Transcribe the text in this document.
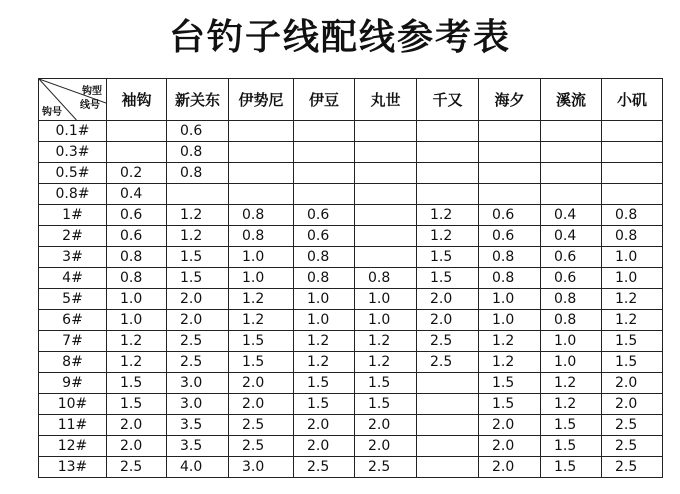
台钓子线配线参考表
钩型
线号
钩号	袖钩	新关东	伊势尼	伊豆	丸世	千又	海夕	溪流	小矶
0.1#		0.6							
0.3#		0.8							
0.5#	0.2	0.8							
0.8#	0.4								
1#	0.6	1.2	0.8	0.6		1.2	0.6	0.4	0.8
2#	0.6	1.2	0.8	0.6		1.2	0.6	0.4	0.8
3#	0.8	1.5	1.0	0.8		1.5	0.8	0.6	1.0
4#	0.8	1.5	1.0	0.8	0.8	1.5	0.8	0.6	1.0
5#	1.0	2.0	1.2	1.0	1.0	2.0	1.0	0.8	1.2
6#	1.0	2.0	1.2	1.0	1.0	2.0	1.0	0.8	1.2
7#	1.2	2.5	1.5	1.2	1.2	2.5	1.2	1.0	1.5
8#	1.2	2.5	1.5	1.2	1.2	2.5	1.2	1.0	1.5
9#	1.5	3.0	2.0	1.5	1.5		1.5	1.2	2.0
10#	1.5	3.0	2.0	1.5	1.5		1.5	1.2	2.0
11#	2.0	3.5	2.5	2.0	2.0		2.0	1.5	2.5
12#	2.0	3.5	2.5	2.0	2.0		2.0	1.5	2.5
13#	2.5	4.0	3.0	2.5	2.5		2.0	1.5	2.5
